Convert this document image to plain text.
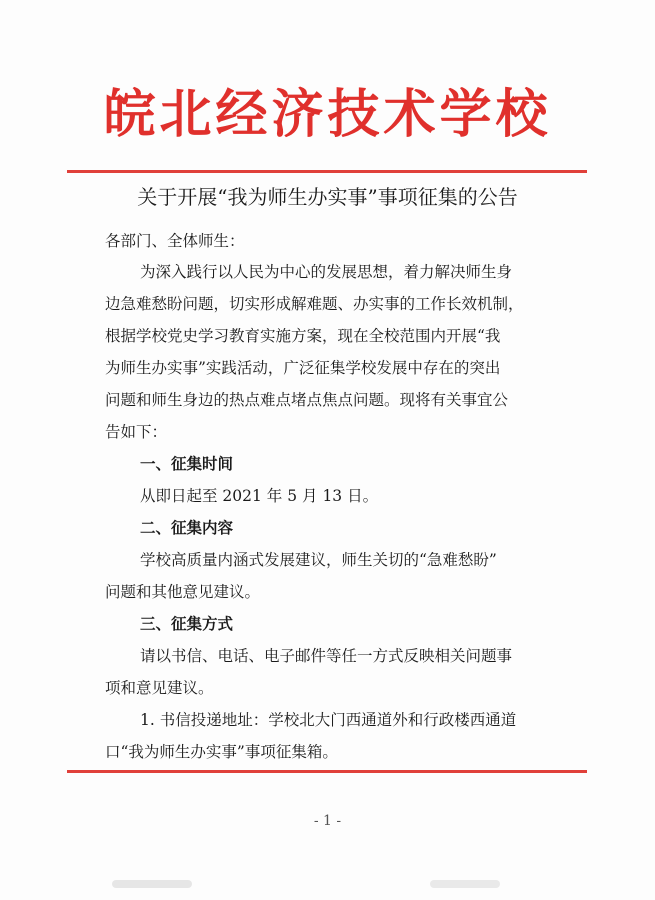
皖北经济技术学校
关于开展“我为师生办实事”事项征集的公告
各部门、全体师生：
为深入践行以人民为中心的发展思想，着力解决师生身
边急难愁盼问题，切实形成解难题、办实事的工作长效机制，
根据学校党史学习教育实施方案，现在全校范围内开展“我
为师生办实事”实践活动，广泛征集学校发展中存在的突出
问题和师生身边的热点难点堵点焦点问题。现将有关事宜公
告如下：
一、征集时间
从即日起至 2021 年 5 月 13 日。
二、征集内容
学校高质量内涵式发展建议，师生关切的“急难愁盼”
问题和其他意见建议。
三、征集方式
请以书信、电话、电子邮件等任一方式反映相关问题事
项和意见建议。
1. 书信投递地址：学校北大门西通道外和行政楼西通道
口“我为师生办实事”事项征集箱。
- 1 -
